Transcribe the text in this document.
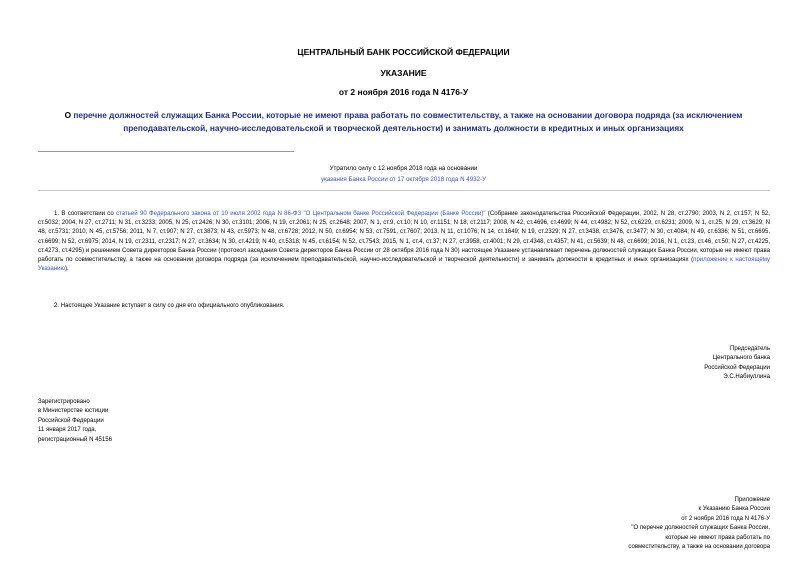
ЦЕНТРАЛЬНЫЙ БАНК РОССИЙСКОЙ ФЕДЕРАЦИИ
УКАЗАНИЕ
от 2 ноября 2016 года N 4176-У
О перечне должностей служащих Банка России, которые не имеют права работать по совместительству, а также на основании договора подряда (за исключением преподавательской, научно-исследовательской и творческой деятельности) и занимать должности в кредитных и иных организациях
Утратило силу с 12 ноября 2018 года на основании
указания Банка России от 17 октября 2018 года N 4932-У
1. В соответствии со статьей 90 Федерального закона от 10 июля 2002 года N 86-ФЗ "О Центральном банке Российской Федерации (Банке России)" (Собрание законодательства Российской Федерации, 2002, N 28, ст.2790; 2003, N 2, ст.157; N 52, ст.5032; 2004, N 27, ст.2711; N 31, ст.3233; 2005, N 25, ст.2426; N 30, ст.3101; 2006, N 19, ст.2061; N 25, ст.2648; 2007, N 1, ст.9, ст.10; N 10, ст.1151; N 18, ст.2117; 2008, N 42, ст.4696, ст.4699; N 44, ст.4982; N 52, ст.6229, ст.6231; 2009, N 1, ст.25; N 29, ст.3629; N 48, ст.5731; 2010, N 45, ст.5756; 2011, N 7, ст.907; N 27, ст.3873; N 43, ст.5973; N 48, ст.6728; 2012, N 50, ст.6954; N 53, ст.7591, ст.7607; 2013, N 11, ст.1076; N 14, ст.1649; N 19, ст.2329; N 27, ст.3438, ст.3476, ст.3477; N 30, ст.4084; N 49, ст.6336; N 51, ст.6695, ст.6699; N 52, ст.6975; 2014, N 19, ст.2311, ст.2317; N 27, ст.3634; N 30, ст.4219; N 40, ст.5318; N 45, ст.6154; N 52, ст.7543; 2015, N 1, ст.4, ст.37; N 27, ст.3958, ст.4001; N 29, ст.4348, ст.4357; N 41, ст.5639; N 48, ст.6699; 2016, N 1, ст.23, ст.46, ст.50; N 27, ст.4225, ст.4273, ст.4295) и решением Совета директоров Банка России (протокол заседания Совета директоров Банка России от 28 октября 2016 года N 30) настоящее Указание устанавливает перечень должностей служащих Банка России, которые не имеют права работать по совместительству, а также на основании договора подряда (за исключением преподавательской, научно-исследовательской и творческой деятельности) и занимать должности в кредитных и иных организациях (приложение к настоящему Указанию).
2. Настоящее Указание вступает в силу со дня его официального опубликования.
Председатель
Центрального банка
Российской Федерации
Э.С.Набиуллина
Зарегистрировано
в Министерстве юстиции
Российской Федерации
11 января 2017 года,
регистрационный N 45156
Приложение
к Указанию Банка России
от 2 ноября 2016 года N 4176-У
"О перечне должностей служащих Банка России,
которые не имеют права работать по
совместительству, а также на основании договора
